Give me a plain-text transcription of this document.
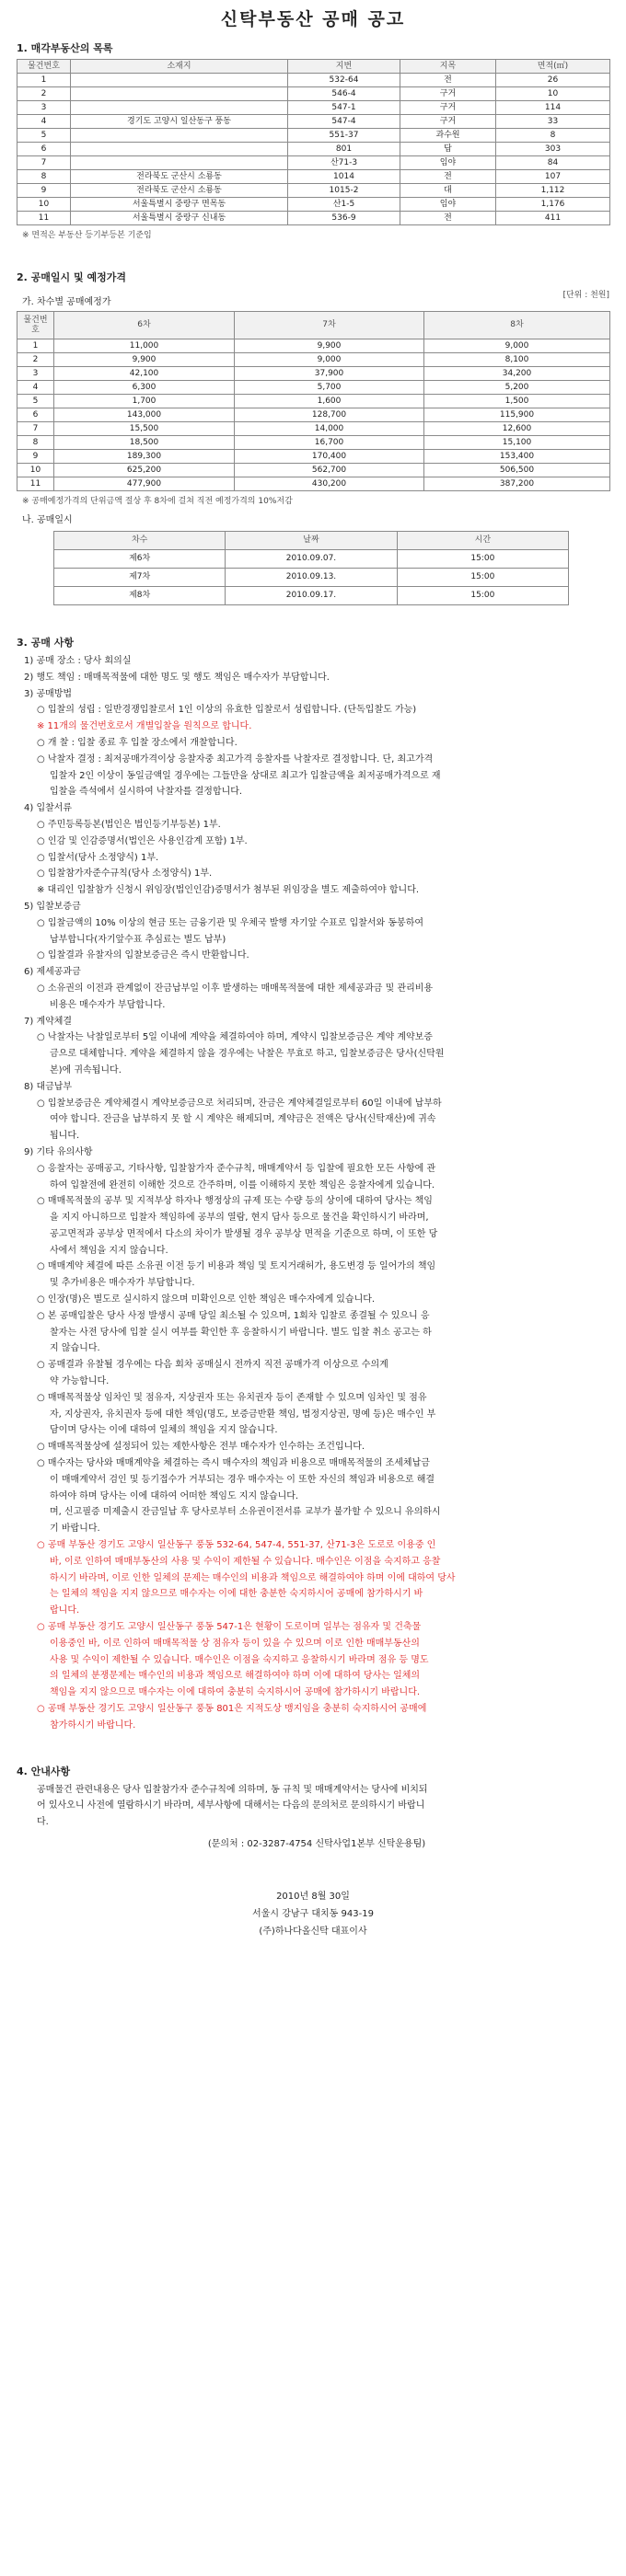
신탁부동산 공매 공고
1. 매각부동산의 목록
물건번호	소재지	지번	지목	면적(㎡)
1		532-64	전	26
2		546-4	구거	10
3		547-1	구거	114
4	경기도 고양시 일산동구 풍동	547-4	구거	33
5		551-37	과수원	8
6		801	답	303
7		산71-3	임야	84
8	전라북도 군산시 소룡동	1014	전	107
9	전라북도 군산시 소룡동	1015-2	대	1,112
10	서울특별시 중랑구 면목동	산1-5	임야	1,176
11	서울특별시 중랑구 신내동	536-9	전	411
※ 면적은 부동산 등기부등본 기준임
2. 공매일시 및 예정가격
가. 차수별 공매예정가
[단위 : 천원]
물건번호	6차	7차	8차
1	11,000	9,900	9,000
2	9,900	9,000	8,100
3	42,100	37,900	34,200
4	6,300	5,700	5,200
5	1,700	1,600	1,500
6	143,000	128,700	115,900
7	15,500	14,000	12,600
8	18,500	16,700	15,100
9	189,300	170,400	153,400
10	625,200	562,700	506,500
11	477,900	430,200	387,200
※ 공매예정가격의 단위금액 절상 후 8차에 걸쳐 직전 예정가격의 10%저감
나. 공매일시
차수	날짜	시간
제6차	2010.09.07.	15:00
제7차	2010.09.13.	15:00
제8차	2010.09.17.	15:00
3. 공매 사항
1) 공매 장소 : 당사 회의실
2) 행도 책임 : 매매목적물에 대한 명도 및 행도 책임은 매수자가 부담합니다.
3) 공매방법
○ 입찰의 성립 : 일반경쟁입찰로서 1인 이상의 유효한 입찰로서 성립합니다. (단독입찰도 가능)
※ 11개의 물건번호로서 개별입찰을 원칙으로 합니다.
○ 개 찰 : 입찰 종료 후 입찰 장소에서 개찰합니다.
○ 낙찰자 결정 : 최저공매가격이상 응찰자중 최고가격 응찰자를 낙찰자로 결정합니다. 단, 최고가격
입찰자 2인 이상이 동일금액일 경우에는 그들만을 상대로 최고가 입찰금액을 최저공매가격으로 재
입찰을 즉석에서 실시하여 낙찰자를 결정합니다.
4) 입찰서류
○ 주민등록등본(법인은 법인등기부등본) 1부.
○ 인감 및 인감증명서(법인은 사용인감계 포함) 1부.
○ 입찰서(당사 소정양식) 1부.
○ 입찰참가자준수규칙(당사 소정양식) 1부.
※ 대리인 입찰참가 신청시 위임장(법인인감)증명서가 첨부된 위임장을 별도 제출하여야 합니다.
5) 입찰보증금
○ 입찰금액의 10% 이상의 현금 또는 금융기관 및 우체국 발행 자기앞 수표로 입찰서와 동봉하여
납부합니다(자기앞수표 추심료는 별도 납부)
○ 입찰결과 유찰자의 입찰보증금은 즉시 반환합니다.
6) 제세공과금
○ 소유권의 이전과 관계없이 잔금납부일 이후 발생하는 매매목적물에 대한 제세공과금 및 관리비용
비용은 매수자가 부담합니다.
7) 계약체결
○ 낙찰자는 낙찰일로부터 5일 이내에 계약을 체결하여야 하며, 계약시 입찰보증금은 계약 계약보증
금으로 대체합니다. 계약을 체결하지 않을 경우에는 낙찰은 무효로 하고, 입찰보증금은 당사(신탁원
본)에 귀속됩니다.
8) 대금납부
○ 입찰보증금은 계약체결시 계약보증금으로 처리되며, 잔금은 계약체결일로부터 60일 이내에 납부하
여야 합니다. 잔금을 납부하지 못 할 시 계약은 해제되며, 계약금은 전액은 당사(신탁재산)에 귀속
됩니다.
9) 기타 유의사항
○ 응찰자는 공매공고, 기타사항, 입찰참가자 준수규칙, 매매계약서 등 입찰에 필요한 모든 사항에 관
하여 입찰전에 완전히 이해한 것으로 간주하며, 이를 이해하지 못한 책임은 응찰자에게 있습니다.
○ 매매목적물의 공부 및 지적부상 하자나 행정상의 규제 또는 수량 등의 상이에 대하여 당사는 책임
을 지지 아니하므로 입찰자 책임하에 공부의 열람, 현지 답사 등으로 물건을 확인하시기 바라며,
공고면적과 공부상 면적에서 다소의 차이가 발생될 경우 공부상 면적을 기준으로 하며, 이 또한 당
사에서 책임을 지지 않습니다.
○ 매매계약 체결에 따른 소유권 이전 등기 비용과 책임 및 토지거래허가, 용도변경 등 일어가의 책임
및 추가비용은 매수자가 부담합니다.
○ 인장(명)은 별도로 실시하지 않으며 미확인으로 인한 책임은 매수자에게 있습니다.
○ 본 공매입찰은 당사 사정 발생시 공매 당일 최소될 수 있으며, 1회차 입찰로 종결될 수 있으니 응
찰자는 사전 당사에 입찰 실시 여부를 확인한 후 응찰하시기 바랍니다. 별도 입찰 취소 공고는 하
지 않습니다.
○ 공매결과 유찰될 경우에는 다음 회차 공매실시 전까지 직전 공매가격 이상으로 수의계
약 가능합니다.
○ 매매목적물상 임차인 및 점유자, 지상권자 또는 유치권자 등이 존재할 수 있으며 임차인 및 점유
자, 지상권자, 유치권자 등에 대한 책임(명도, 보증금반환 책임, 법정지상권, 명예 등)은 매수인 부
담이며 당사는 이에 대하여 일체의 책임을 지지 않습니다.
○ 매매목적물상에 설정되어 있는 제한사항은 전부 매수자가 인수하는 조건입니다.
○ 매수자는 당사와 매매계약을 체결하는 즉시 매수자의 책임과 비용으로 매매목적물의 조세체납금
이 매매계약서 검인 및 등기접수가 거부되는 경우 매수자는 이 또한 자신의 책임과 비용으로 해결
하여야 하며 당사는 이에 대하여 어떠한 책임도 지지 않습니다.
며, 신고필증 미제출시 잔금일납 후 당사로부터 소유권이전서류 교부가 불가할 수 있으니 유의하시
기 바랍니다.
○ 공매 부동산 경기도 고양시 일산동구 풍동 532-64, 547-4, 551-37, 산71-3은 도로로 이용중 인
바, 이로 인하여 매매부동산의 사용 및 수익이 제한될 수 있습니다. 매수인은 이점을 숙지하고 응찰
하시기 바라며, 이로 인한 일체의 문제는 매수인의 비용과 책임으로 해결하여야 하며 이에 대하여 당사
는 일체의 책임을 지지 않으므로 매수자는 이에 대한 충분한 숙지하시어 공매에 참가하시기 바
랍니다.
○ 공매 부동산 경기도 고양시 일산동구 풍동 547-1은 현황이 도로이며 일부는 점유자 및 건축물
이용중인 바, 이로 인하여 매매목적물 상 점유자 등이 있을 수 있으며 이로 인한 매매부동산의
사용 및 수익이 제한될 수 있습니다. 매수인은 이점을 숙지하고 응찰하시기 바라며 점유 등 명도
의 일체의 분쟁문제는 매수인의 비용과 책임으로 해결하여야 하며 이에 대하여 당사는 일체의
책임을 지지 않으므로 매수자는 이에 대하여 충분히 숙지하시어 공매에 참가하시기 바랍니다.
○ 공매 부동산 경기도 고양시 일산동구 풍동 801은 지적도상 맹지임을 충분히 숙지하시어 공매에
참가하시기 바랍니다.
4. 안내사항
공매물건 관련내용은 당사 입찰참가자 준수규칙에 의하며, 동 규칙 및 매매계약서는 당사에 비치되
어 있사오니 사전에 열람하시기 바라며, 세부사항에 대해서는 다음의 문의처로 문의하시기 바랍니
다.
(문의처 : 02-3287-4754 신탁사업1본부 신탁운용팀)
2010년 8월 30일
서울시 강남구 대치동 943-19
(주)하나다올신탁 대표이사
